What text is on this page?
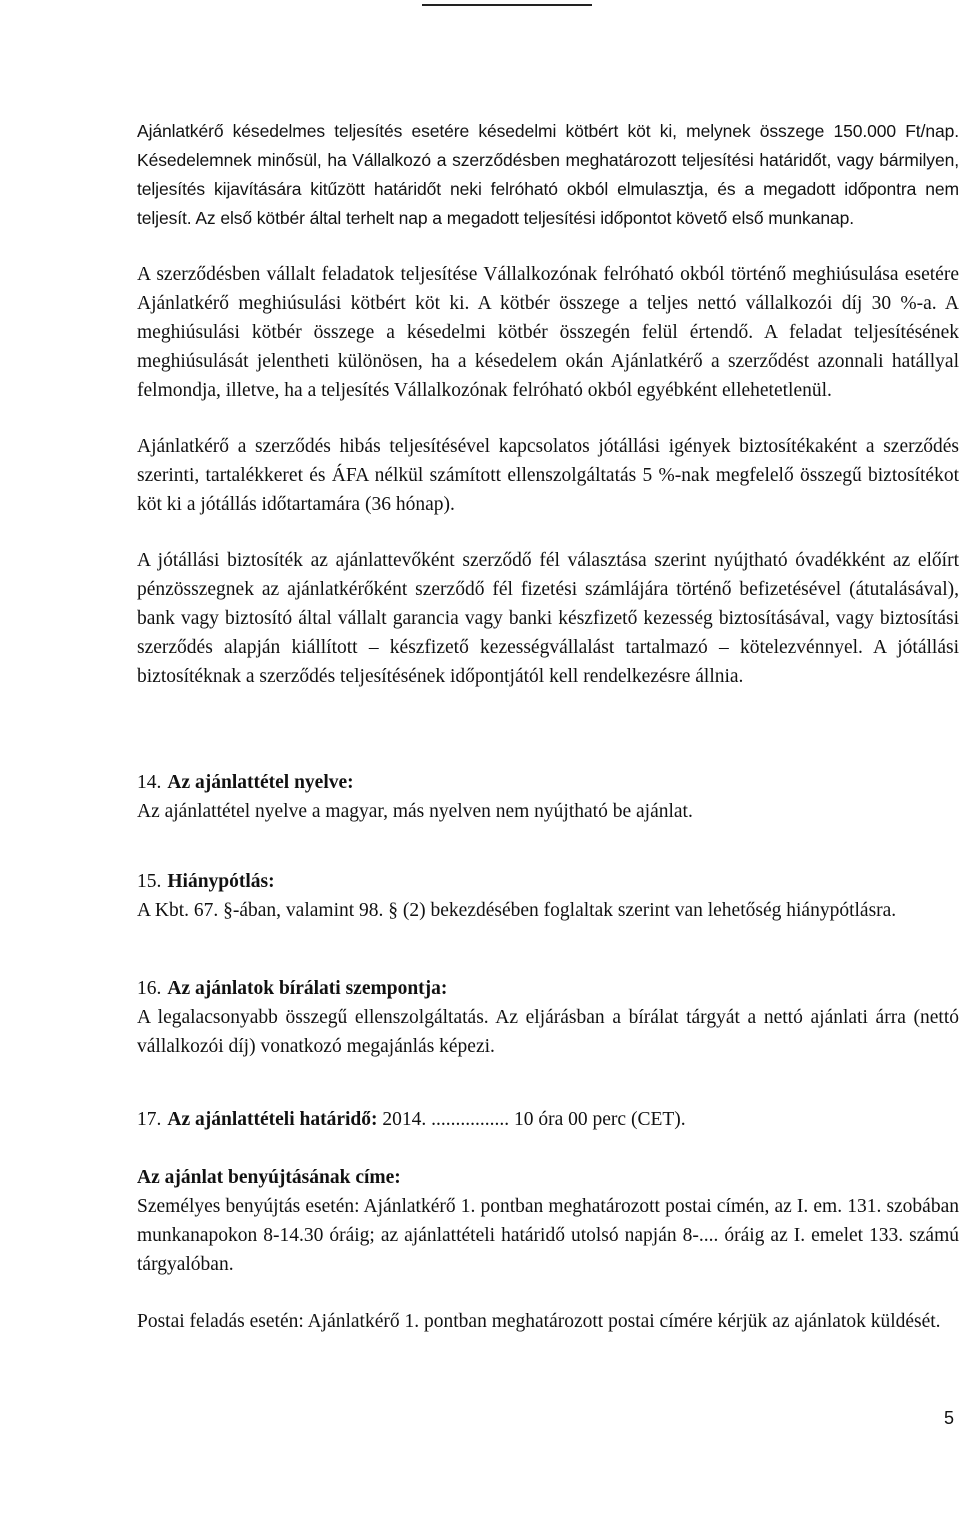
Ajánlatkérő késedelmes teljesítés esetére késedelmi kötbért köt ki, melynek összege 150.000 Ft/nap. Késedelemnek minősül, ha Vállalkozó a szerződésben meghatározott teljesítési határidőt, vagy bármilyen, teljesítés kijavítására kitűzött határidőt neki felróható okból elmulasztja, és a megadott időpontra nem teljesít. Az első kötbér által terhelt nap a megadott teljesítési időpontot követő első munkanap.

A szerződésben vállalt feladatok teljesítése Vállalkozónak felróható okból történő meghiúsulása esetére Ajánlatkérő meghiúsulási kötbért köt ki. A kötbér összege a teljes nettó vállalkozói díj 30 %-a. A meghiúsulási kötbér összege a késedelmi kötbér összegén felül értendő. A feladat teljesítésének meghiúsulását jelentheti különösen, ha a késedelem okán Ajánlatkérő a szerződést azonnali hatállyal felmondja, illetve, ha a teljesítés Vállalkozónak felróható okból egyébként ellehetetlenül.

Ajánlatkérő a szerződés hibás teljesítésével kapcsolatos jótállási igények biztosítékaként a szerződés szerinti, tartalékkeret és ÁFA nélkül számított ellenszolgáltatás 5 %-nak megfelelő összegű biztosítékot köt ki a jótállás időtartamára (36 hónap).

A jótállási biztosíték az ajánlattevőként szerződő fél választása szerint nyújtható óvadékként az előírt pénzösszegnek az ajánlatkérőként szerződő fél fizetési számlájára történő befizetésével (átutalásával), bank vagy biztosító által vállalt garancia vagy banki készfizető kezesség biztosításával, vagy biztosítási szerződés alapján kiállított – készfizető kezességvállalást tartalmazó – kötelezvénnyel. A jótállási biztosítéknak a szerződés teljesítésének időpontjától kell rendelkezésre állnia.

14. Az ajánlattétel nyelve:

Az ajánlattétel nyelve a magyar, más nyelven nem nyújtható be ajánlat.

15. Hiánypótlás:

A Kbt. 67. §-ában, valamint 98. § (2) bekezdésében foglaltak szerint van lehetőség hiánypótlásra.

16. Az ajánlatok bírálati szempontja:

A legalacsonyabb összegű ellenszolgáltatás. Az eljárásban a bírálat tárgyát a nettó ajánlati árra (nettó vállalkozói díj) vonatkozó megajánlás képezi.

17. Az ajánlattételi határidő: 2014. ................ 10 óra 00 perc (CET).
Az ajánlat benyújtásának címe:

Személyes benyújtás esetén: Ajánlatkérő 1. pontban meghatározott postai címén, az I. em. 131. szobában munkanapokon 8-14.30 óráig; az ajánlattételi határidő utolsó napján 8-.... óráig az I. emelet 133. számú tárgyalóban.

Postai feladás esetén: Ajánlatkérő 1. pontban meghatározott postai címére kérjük az ajánlatok küldését.

5
